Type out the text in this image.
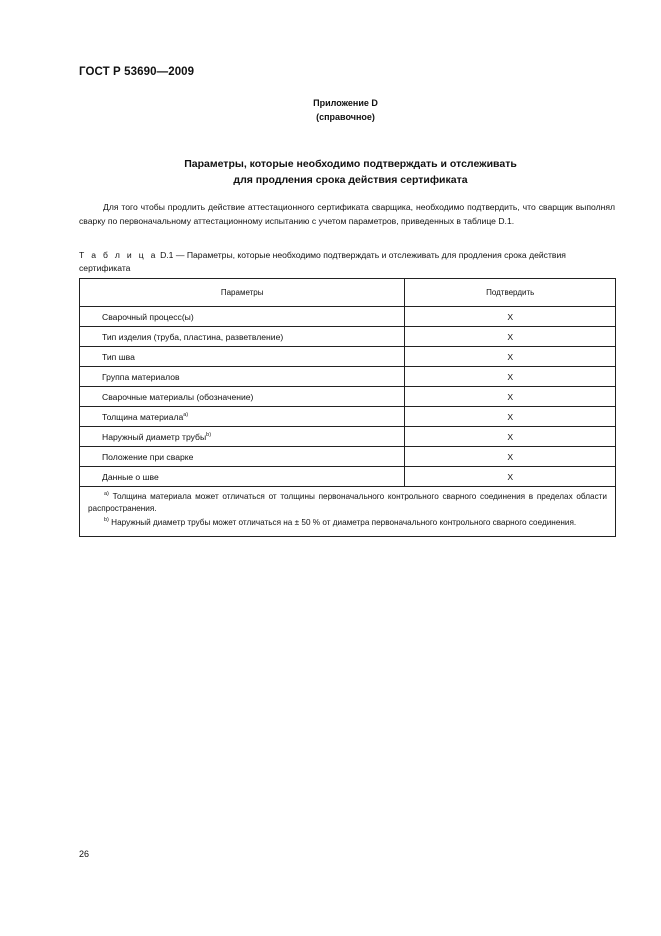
ГОСТ Р 53690—2009
Приложение D
(справочное)
Параметры, которые необходимо подтверждать и отслеживать
для продления срока действия сертификата
Для того чтобы продлить действие аттестационного сертификата сварщика, необходимо подтвердить, что сварщик выполнял сварку по первоначальному аттестационному испытанию с учетом параметров, приведенных в таблице D.1.
Т а б л и ц а D.1 — Параметры, которые необходимо подтверждать и отслеживать для продления срока действия сертификата
Параметры	Подтвердить
Сварочный процесс(ы)	X
Тип изделия (труба, пластина, разветвление)	X
Тип шва	X
Группа материалов	X
Сварочные материалы (обозначение)	X
Толщина материала$^{a)}$	X
Наружный диаметр трубы$^{b)}$	X
Положение при сварке	X
Данные о шве	X

$^{a)}$ Толщина материала может отличаться от толщины первоначального контрольного сварного соединения в пределах области распространения.
$^{b)}$ Наружный диаметр трубы может отличаться на ± 50 % от диаметра первоначального контрольного сварного соединения.	
26
